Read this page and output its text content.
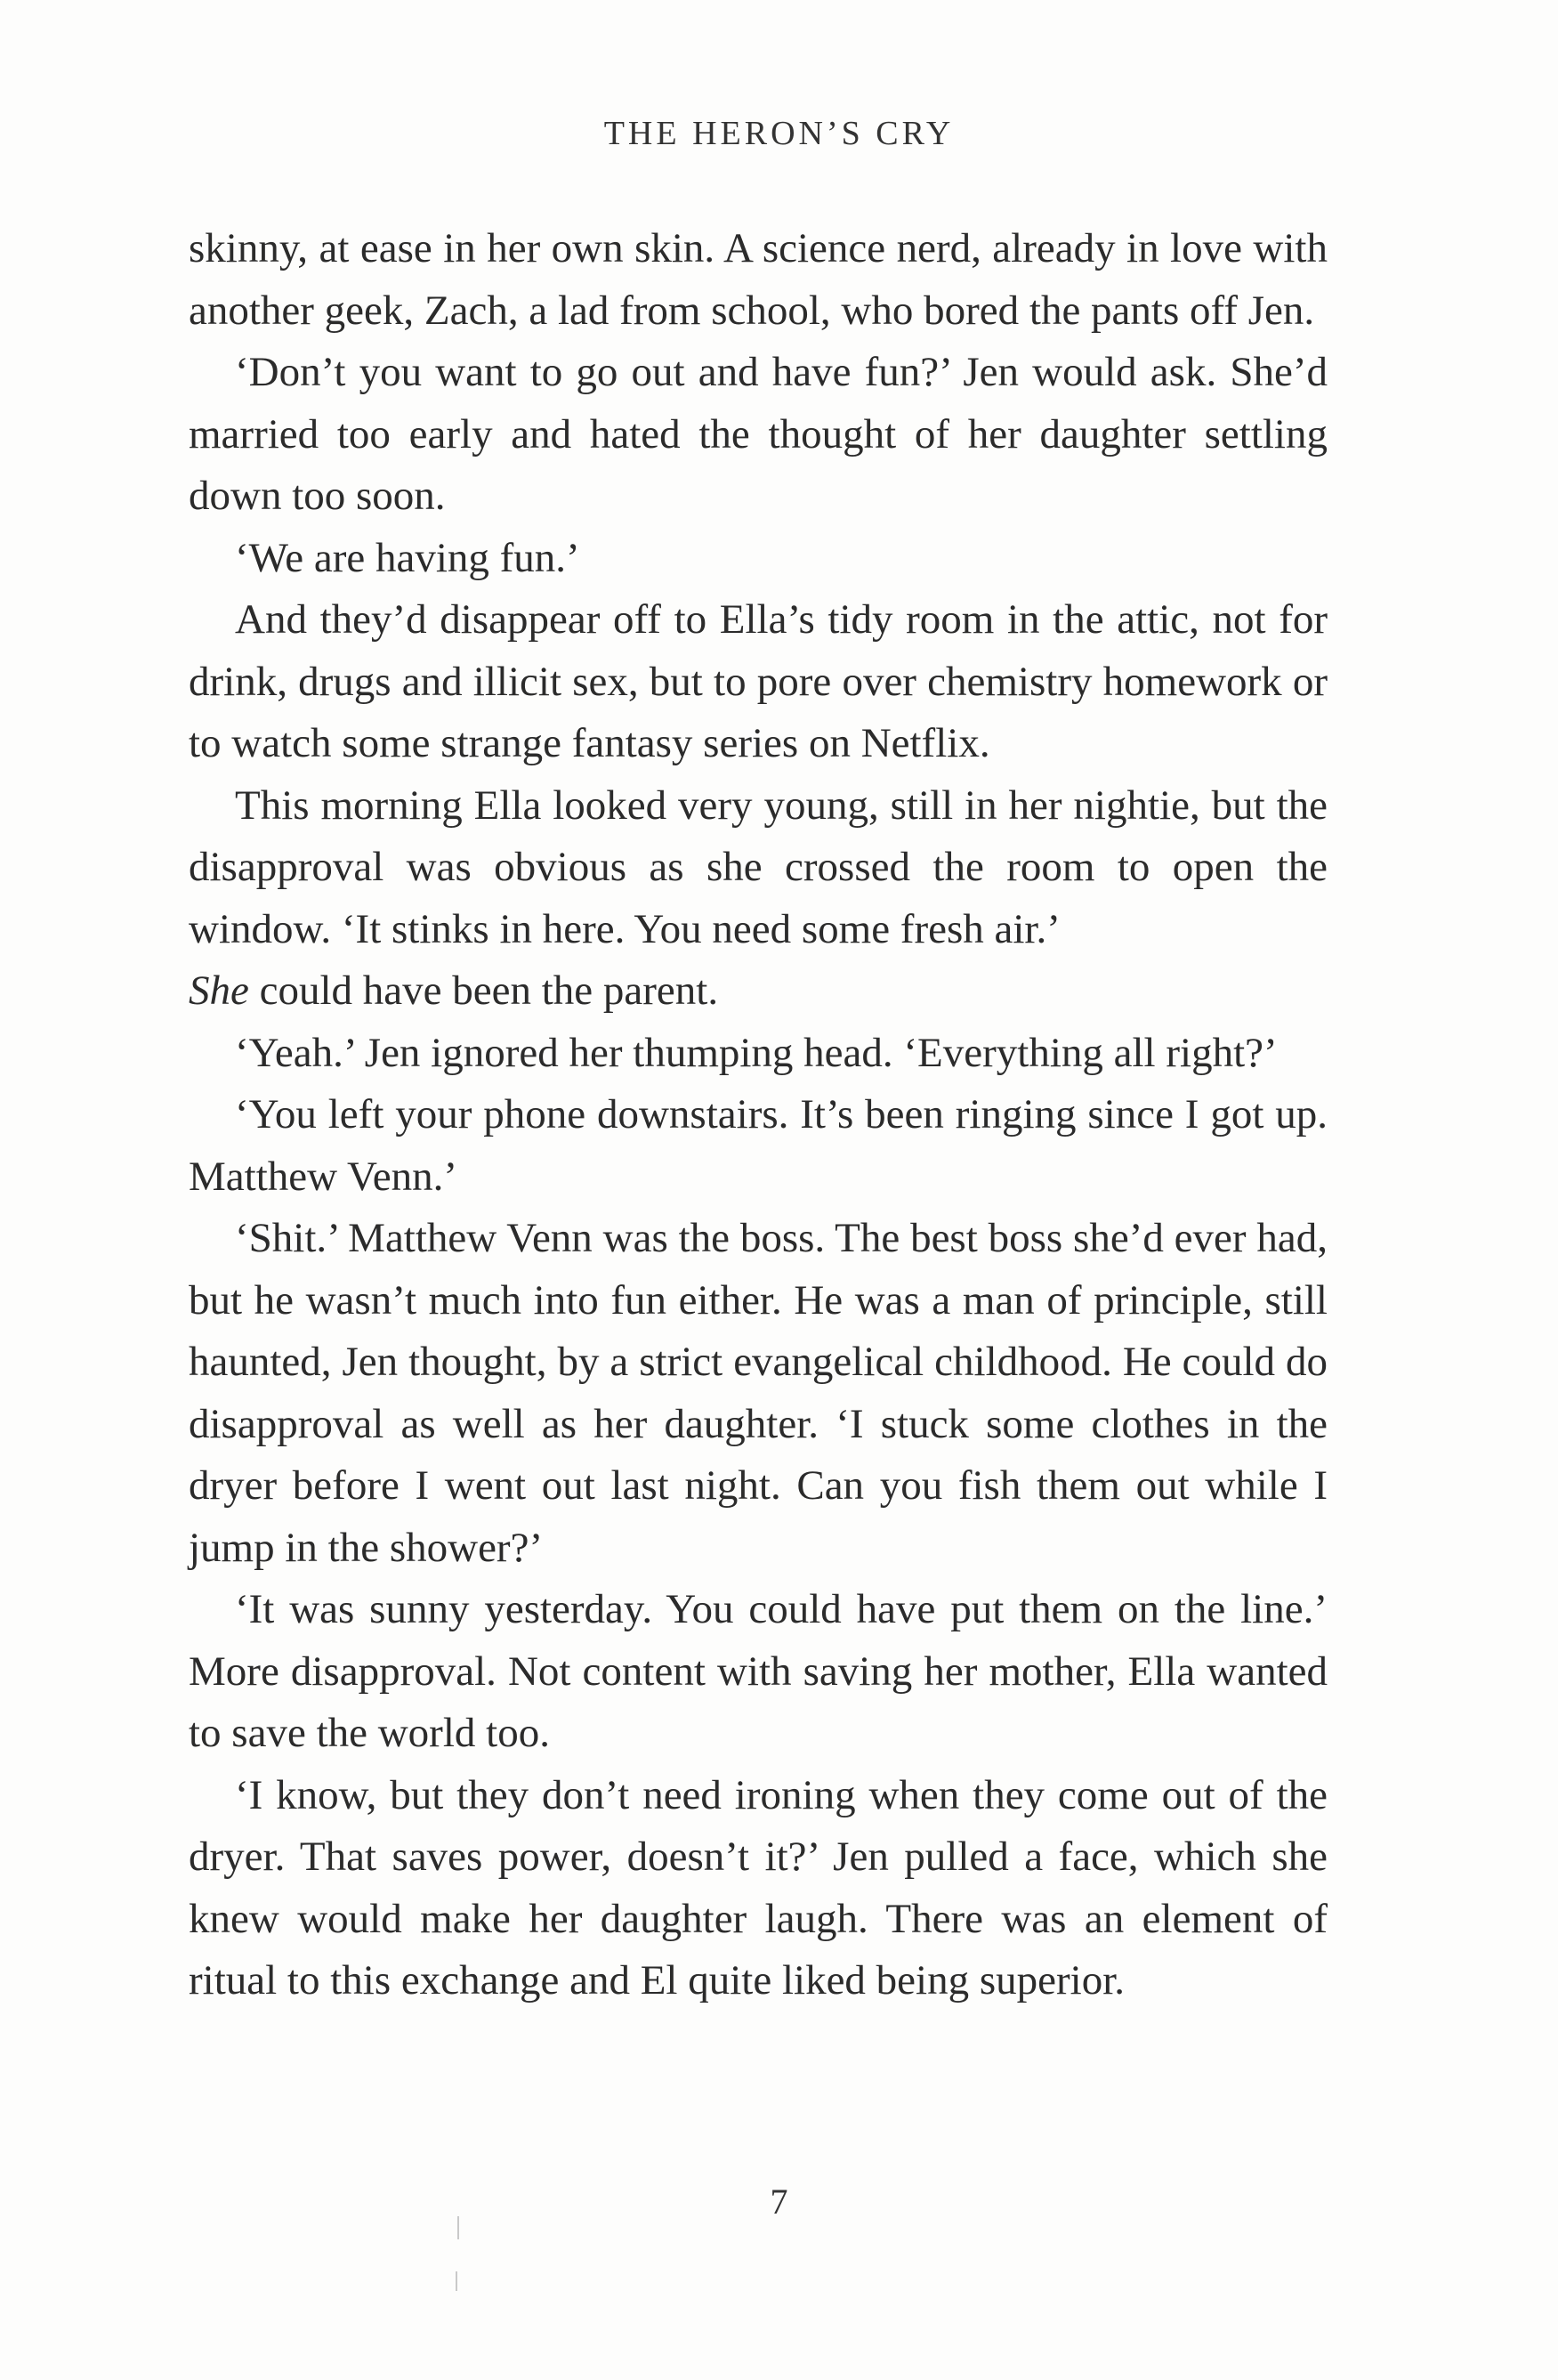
THE HERON’S CRY

skinny, at ease in her own skin. A science nerd, already in love with another geek, Zach, a lad from school, who bored the pants off Jen.

‘Don’t you want to go out and have fun?’ Jen would ask. She’d married too early and hated the thought of her daughter settling down too soon.

‘We are having fun.’

And they’d disappear off to Ella’s tidy room in the attic, not for drink, drugs and illicit sex, but to pore over chemistry homework or to watch some strange fantasy series on Netflix.

This morning Ella looked very young, still in her nightie, but the disapproval was obvious as she crossed the room to open the window. ‘It stinks in here. You need some fresh air.’

She could have been the parent.

‘Yeah.’ Jen ignored her thumping head. ‘Everything all right?’

‘You left your phone downstairs. It’s been ringing since I got up. Matthew Venn.’

‘Shit.’ Matthew Venn was the boss. The best boss she’d ever had, but he wasn’t much into fun either. He was a man of principle, still haunted, Jen thought, by a strict evangelical childhood. He could do disapproval as well as her daughter. ‘I stuck some clothes in the dryer before I went out last night. Can you fish them out while I jump in the shower?’

‘It was sunny yesterday. You could have put them on the line.’ More disapproval. Not content with saving her mother, Ella wanted to save the world too.

‘I know, but they don’t need ironing when they come out of the dryer. That saves power, doesn’t it?’ Jen pulled a face, which she knew would make her daughter laugh. There was an element of ritual to this exchange and El quite liked being superior.

7
